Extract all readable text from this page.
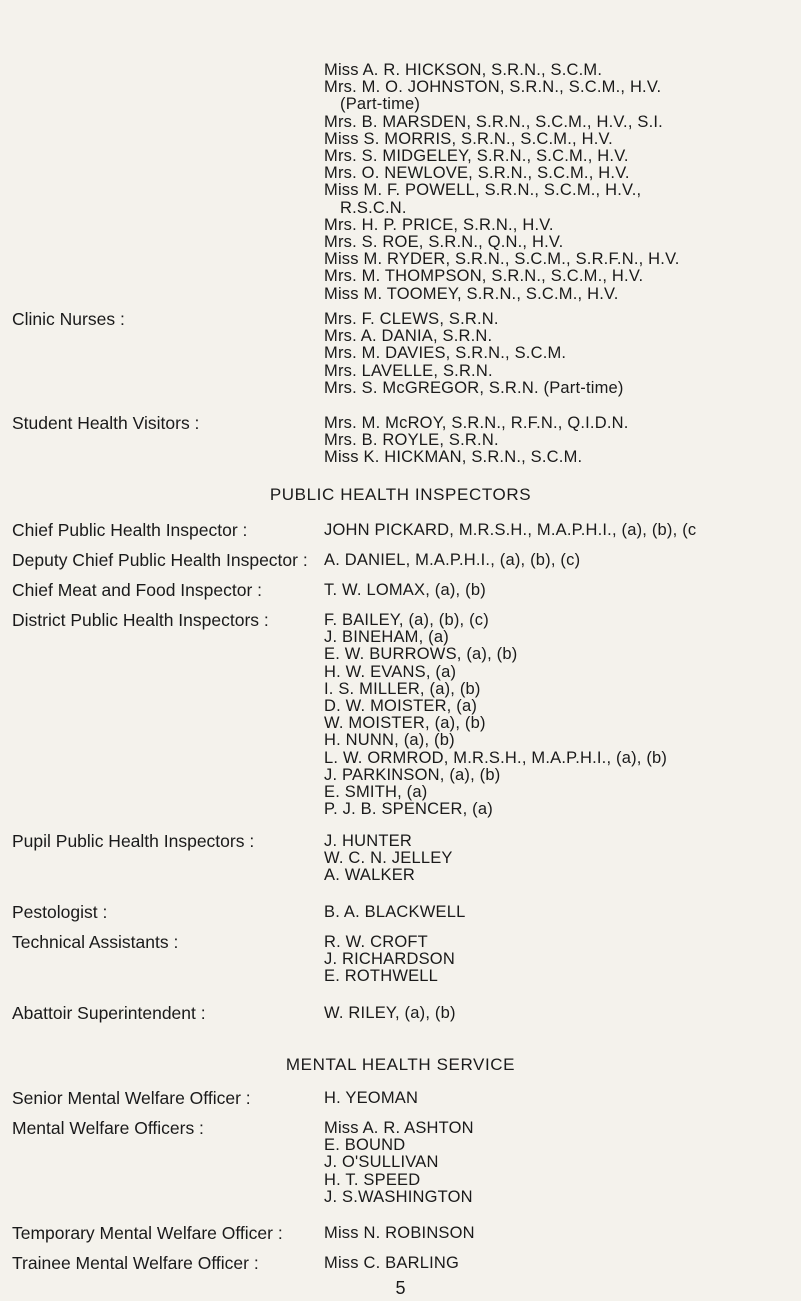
Miss A. R. HICKSON, S.R.N., S.C.M.
Mrs. M. O. JOHNSTON, S.R.N., S.C.M., H.V.
(Part-time)
Mrs. B. MARSDEN, S.R.N., S.C.M., H.V., S.I.
Miss S. MORRIS, S.R.N., S.C.M., H.V.
Mrs. S. MIDGELEY, S.R.N., S.C.M., H.V.
Mrs. O. NEWLOVE, S.R.N., S.C.M., H.V.
Miss M. F. POWELL, S.R.N., S.C.M., H.V.,
R.S.C.N.
Mrs. H. P. PRICE, S.R.N., H.V.
Mrs. S. ROE, S.R.N., Q.N., H.V.
Miss M. RYDER, S.R.N., S.C.M., S.R.F.N., H.V.
Mrs. M. THOMPSON, S.R.N., S.C.M., H.V.
Miss M. TOOMEY, S.R.N., S.C.M., H.V.
Clinic Nurses :	Mrs. F. CLEWS, S.R.N.
Mrs. A. DANIA, S.R.N.
Mrs. M. DAVIES, S.R.N., S.C.M.
Mrs. LAVELLE, S.R.N.
Mrs. S. McGREGOR, S.R.N. (Part-time)
Student Health Visitors :	Mrs. M. McROY, S.R.N., R.F.N., Q.I.D.N.
Mrs. B. ROYLE, S.R.N.
Miss K. HICKMAN, S.R.N., S.C.M.
PUBLIC HEALTH INSPECTORS
Chief Public Health Inspector :	JOHN PICKARD, M.R.S.H., M.A.P.H.I., (a), (b), (c
Deputy Chief Public Health Inspector : A. DANIEL, M.A.P.H.I., (a), (b), (c)
Chief Meat and Food Inspector :	T. W. LOMAX, (a), (b)
District Public Health Inspectors :	F. BAILEY, (a), (b), (c)
J. BINEHAM, (a)
E. W. BURROWS, (a), (b)
H. W. EVANS, (a)
I. S. MILLER, (a), (b)
D. W. MOISTER, (a)
W. MOISTER, (a), (b)
H. NUNN, (a), (b)
L. W. ORMROD, M.R.S.H., M.A.P.H.I., (a), (b)
J. PARKINSON, (a), (b)
E. SMITH, (a)
P. J. B. SPENCER, (a)
Pupil Public Health Inspectors :	J. HUNTER
W. C. N. JELLEY
A. WALKER
Pestologist :	B. A. BLACKWELL
Technical Assistants :	R. W. CROFT
J. RICHARDSON
E. ROTHWELL
Abattoir Superintendent :	W. RILEY, (a), (b)
MENTAL HEALTH SERVICE
Senior Mental Welfare Officer :	H. YEOMAN
Mental Welfare Officers :	Miss A. R. ASHTON
E. BOUND
J. O'SULLIVAN
H. T. SPEED
J. S.WASHINGTON
Temporary Mental Welfare Officer :	Miss N. ROBINSON
Trainee Mental Welfare Officer :	Miss C. BARLING
5
